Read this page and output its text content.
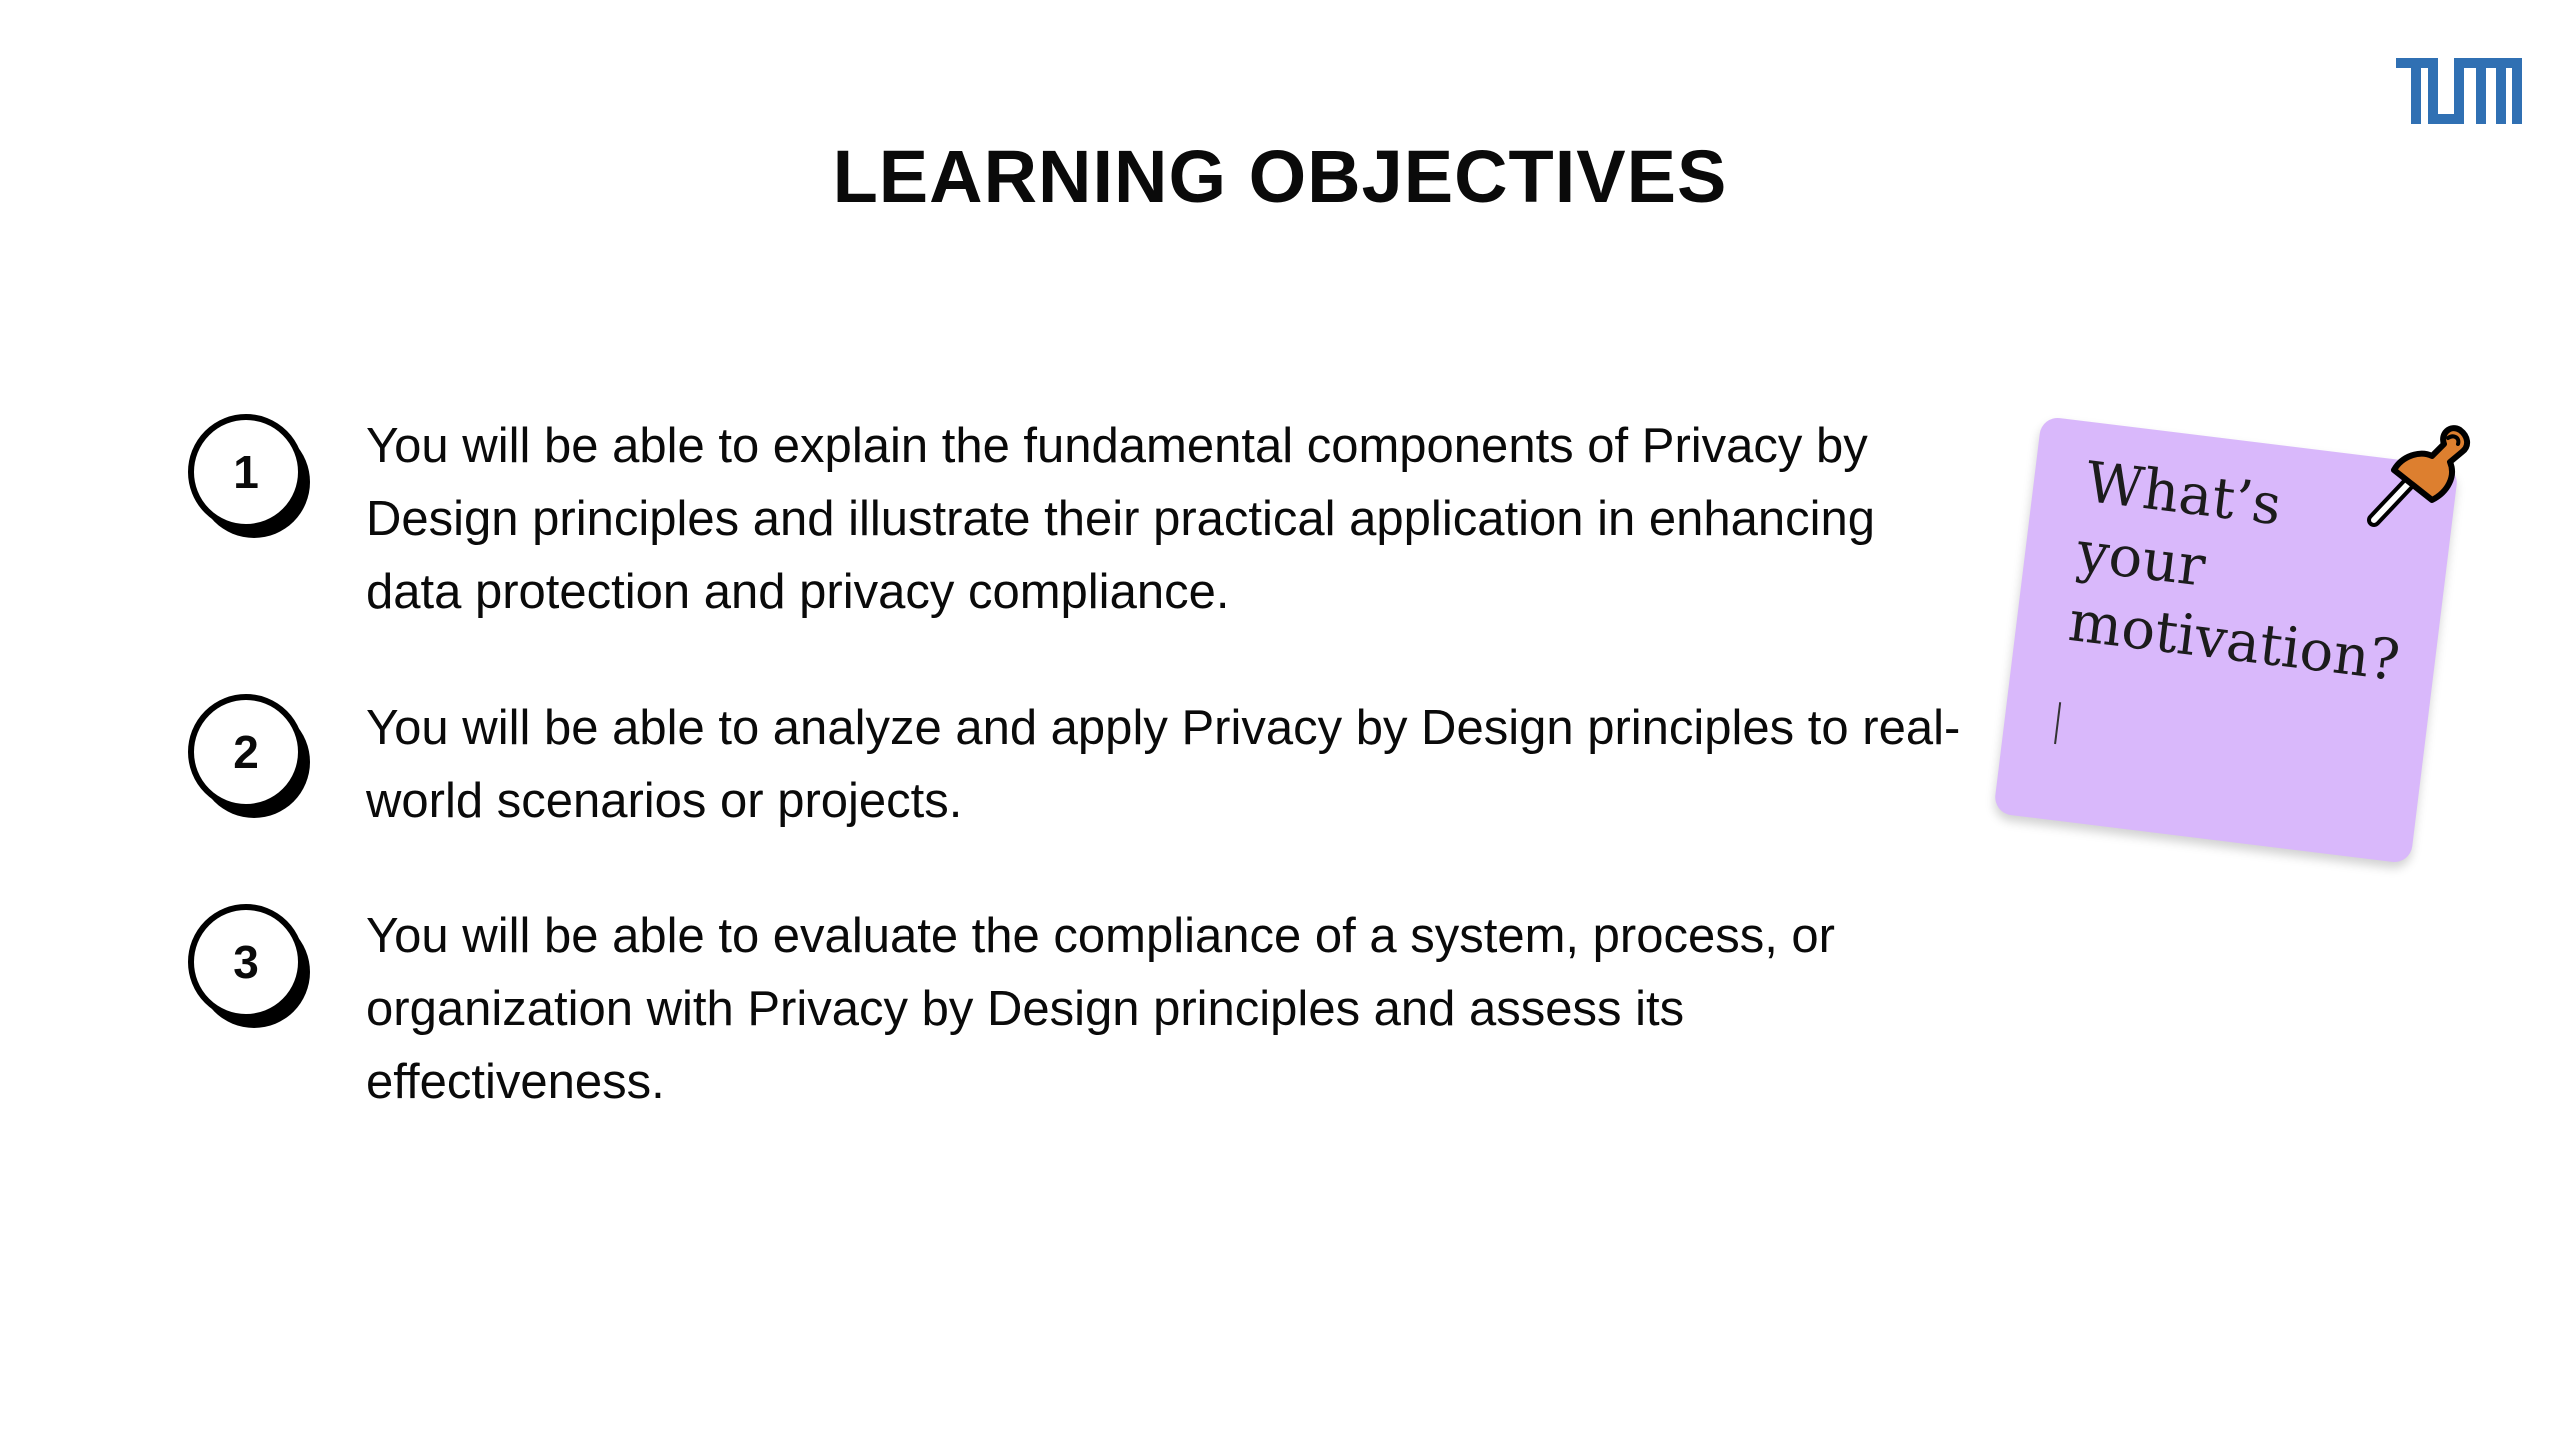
LEARNING OBJECTIVES
1	You will be able to explain the fundamental components of Privacy by Design principles and illustrate their practical application in enhancing data protection and privacy compliance.

2	You will be able to analyze and apply Privacy by Design principles to real-world scenarios or projects.

3	You will be able to evaluate the compliance of a system, process, or organization with Privacy by Design principles and assess its effectiveness.

What’s your motivation?
